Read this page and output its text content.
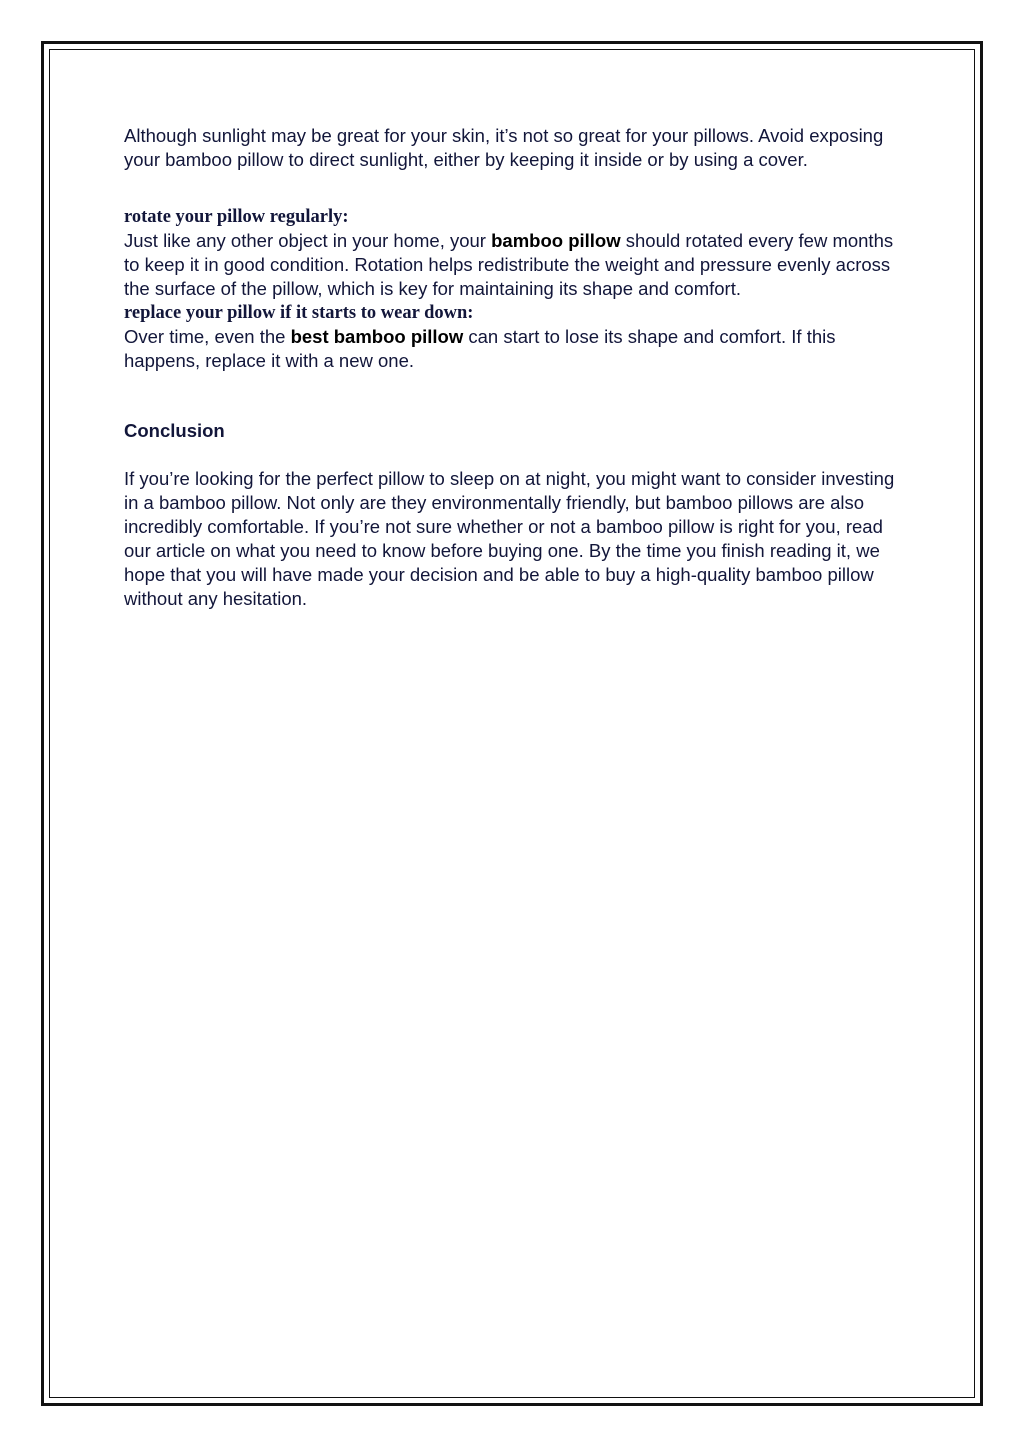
Although sunlight may be great for your skin, it’s not so great for your pillows. Avoid exposing your bamboo pillow to direct sunlight, either by keeping it inside or by using a cover.

rotate your pillow regularly:

Just like any other object in your home, your bamboo pillow should rotated every few months to keep it in good condition. Rotation helps redistribute the weight and pressure evenly across the surface of the pillow, which is key for maintaining its shape and comfort.

replace your pillow if it starts to wear down:

Over time, even the best bamboo pillow can start to lose its shape and comfort. If this happens, replace it with a new one.

Conclusion

If you’re looking for the perfect pillow to sleep on at night, you might want to consider investing in a bamboo pillow. Not only are they environmentally friendly, but bamboo pillows are also incredibly comfortable. If you’re not sure whether or not a bamboo pillow is right for you, read our article on what you need to know before buying one. By the time you finish reading it, we hope that you will have made your decision and be able to buy a high-quality bamboo pillow without any hesitation.
